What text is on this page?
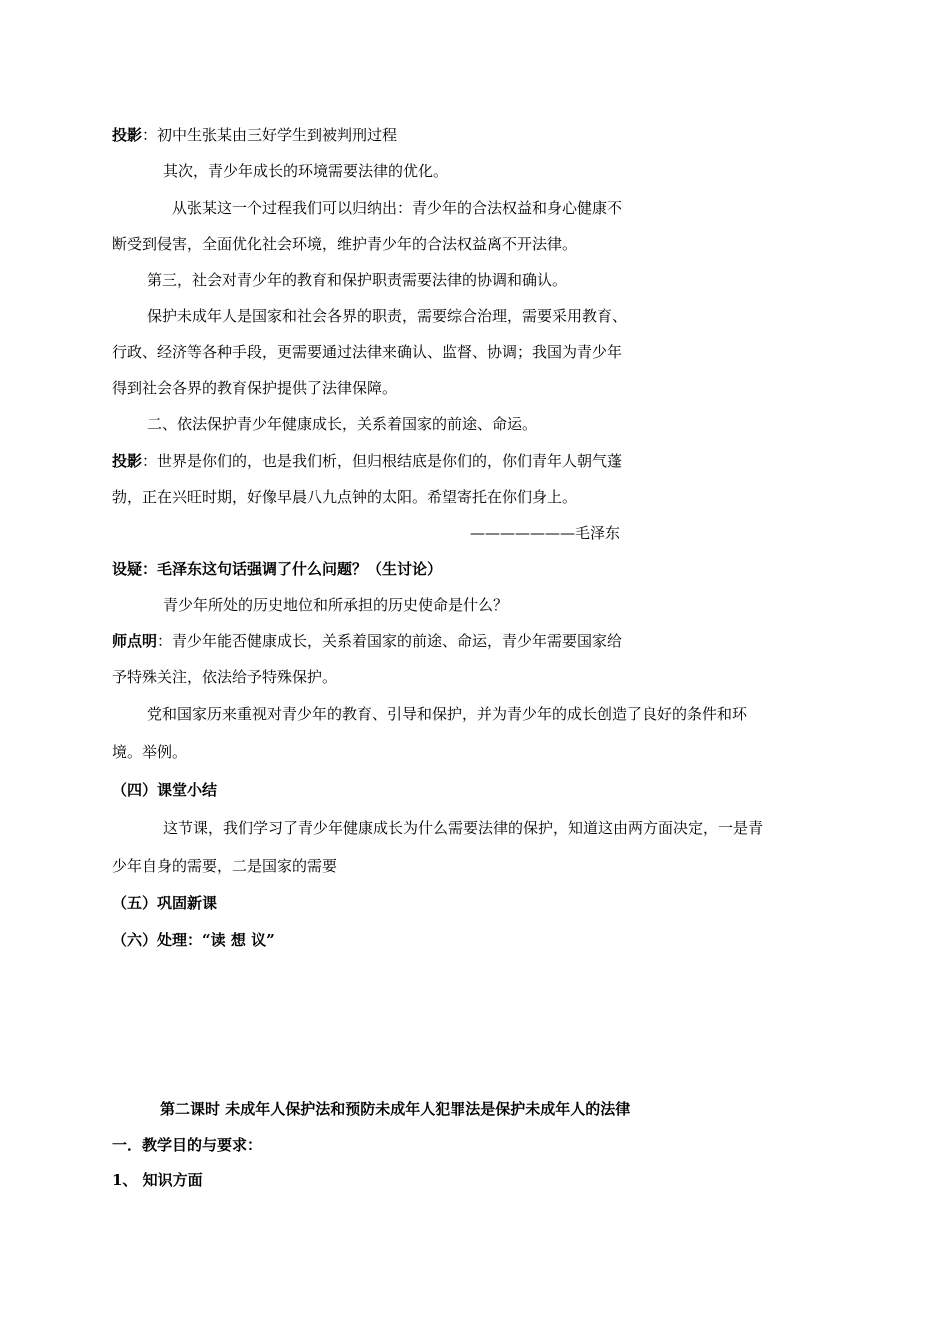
投影：初中生张某由三好学生到被判刑过程
其次，青少年成长的环境需要法律的优化。
从张某这一个过程我们可以归纳出：青少年的合法权益和身心健康不
断受到侵害，全面优化社会环境，维护青少年的合法权益离不开法律。
第三，社会对青少年的教育和保护职责需要法律的协调和确认。
保护未成年人是国家和社会各界的职责，需要综合治理，需要采用教育、
行政、经济等各种手段，更需要通过法律来确认、监督、协调；我国为青少年
得到社会各界的教育保护提供了法律保障。
二、依法保护青少年健康成长，关系着国家的前途、命运。
投影：世界是你们的，也是我们析，但归根结底是你们的，你们青年人朝气蓬
勃，正在兴旺时期，好像早晨八九点钟的太阳。希望寄托在你们身上。
———————毛泽东
设疑：毛泽东这句话强调了什么问题？（生讨论）
青少年所处的历史地位和所承担的历史使命是什么？
师点明：青少年能否健康成长，关系着国家的前途、命运，青少年需要国家给
予特殊关注，依法给予特殊保护。
党和国家历来重视对青少年的教育、引导和保护，并为青少年的成长创造了良好的条件和环
境。举例。
（四）课堂小结
这节课，我们学习了青少年健康成长为什么需要法律的保护，知道这由两方面决定，一是青
少年自身的需要，二是国家的需要
（五）巩固新课
（六）处理：“读 想 议”
第二课时 未成年人保护法和预防未成年人犯罪法是保护未成年人的法律
一．教学目的与要求：
1、 知识方面
